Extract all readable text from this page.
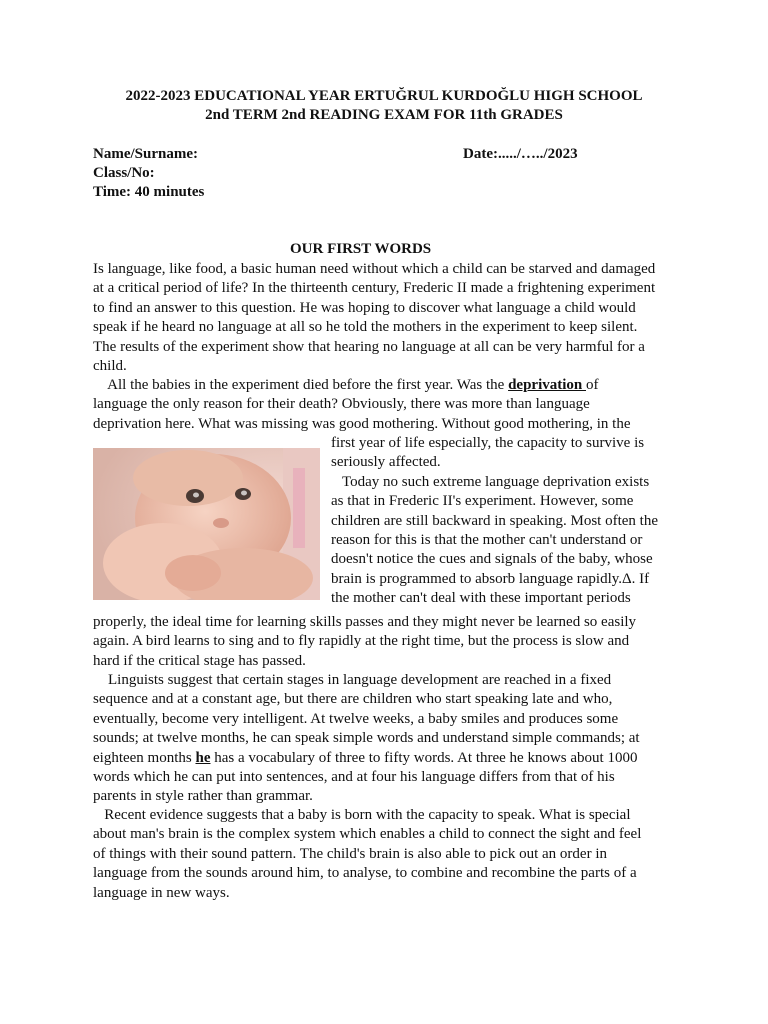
2022-2023 EDUCATIONAL YEAR ERTUĞRUL KURDOĞLU HIGH SCHOOL
2nd TERM 2nd READING EXAM FOR 11th GRADES
Name/Surname:	Date:...../…../2023
Class/No:
Time: 40 minutes
OUR FIRST WORDS
Is language, like food, a basic human need without which a child can be starved and damaged
at a critical period of life? In the thirteenth century, Frederic II made a frightening experiment
to find an answer to this question. He was hoping to discover what language a child would
speak if he heard no language at all so he told the mothers in the experiment to keep silent.
The results of the experiment show that hearing no language at all can be very harmful for a
child.
All the babies in the experiment died before the first year. Was the deprivation of
language the only reason for their death? Obviously, there was more than language
deprivation here. What was missing was good mothering. Without good mothering, in the
first year of life especially, the capacity to survive is
seriously affected.
Today no such extreme language deprivation exists
as that in Frederic II's experiment. However, some
children are still backward in speaking. Most often the
reason for this is that the mother can't understand or
doesn't notice the cues and signals of the baby, whose
brain is programmed to absorb language rapidly.Δ. If
the mother can't deal with these important periods
properly, the ideal time for learning skills passes and they might never be learned so easily
again. A bird learns to sing and to fly rapidly at the right time, but the process is slow and
hard if the critical stage has passed.
Linguists suggest that certain stages in language development are reached in a fixed
sequence and at a constant age, but there are children who start speaking late and who,
eventually, become very intelligent. At twelve weeks, a baby smiles and produces some
sounds; at twelve months, he can speak simple words and understand simple commands; at
eighteen months he has a vocabulary of three to fifty words. At three he knows about 1000
words which he can put into sentences, and at four his language differs from that of his
parents in style rather than grammar.
Recent evidence suggests that a baby is born with the capacity to speak. What is special
about man's brain is the complex system which enables a child to connect the sight and feel
of things with their sound pattern. The child's brain is also able to pick out an order in
language from the sounds around him, to analyse, to combine and recombine the parts of a
language in new ways.
